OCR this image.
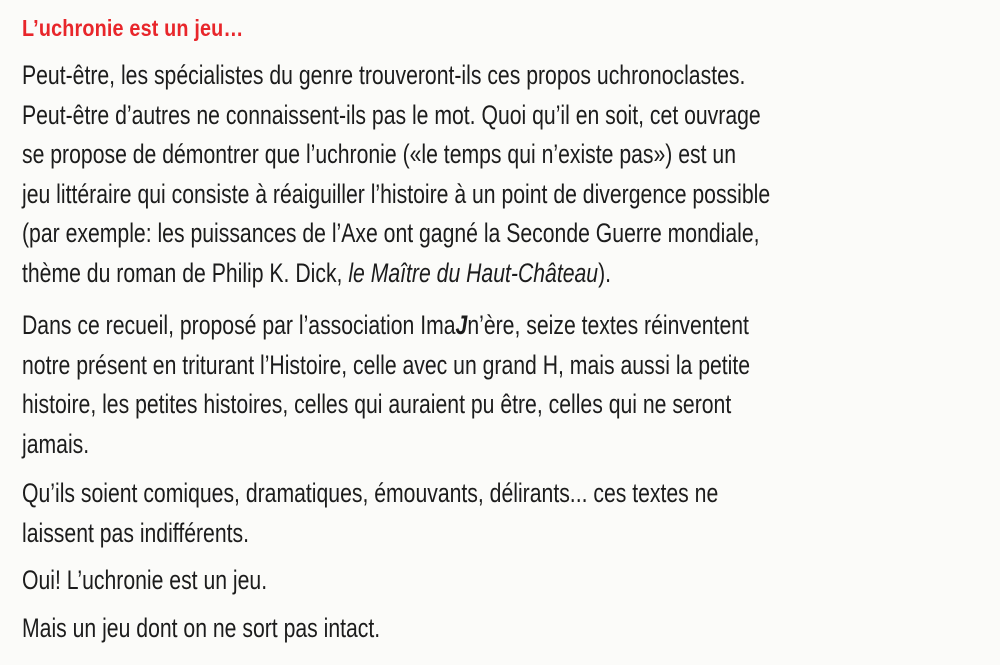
L’uchronie est un jeu…

Peut-être, les spécialistes du genre trouveront-ils ces propos uchronoclastes.
Peut-être d’autres ne connaissent-ils pas le mot. Quoi qu’il en soit, cet ouvrage
se propose de démontrer que l’uchronie («le temps qui n’existe pas») est un
jeu littéraire qui consiste à réaiguiller l’histoire à un point de divergence possible
(par exemple: les puissances de l’Axe ont gagné la Seconde Guerre mondiale,
thème du roman de Philip K. Dick, le Maître du Haut-Château).

Dans ce recueil, proposé par l’association ImaJn’ère, seize textes réinventent
notre présent en triturant l’Histoire, celle avec un grand H, mais aussi la petite
histoire, les petites histoires, celles qui auraient pu être, celles qui ne seront
jamais.

Qu’ils soient comiques, dramatiques, émouvants, délirants... ces textes ne
laissent pas indifférents.

Oui! L’uchronie est un jeu.

Mais un jeu dont on ne sort pas intact.
